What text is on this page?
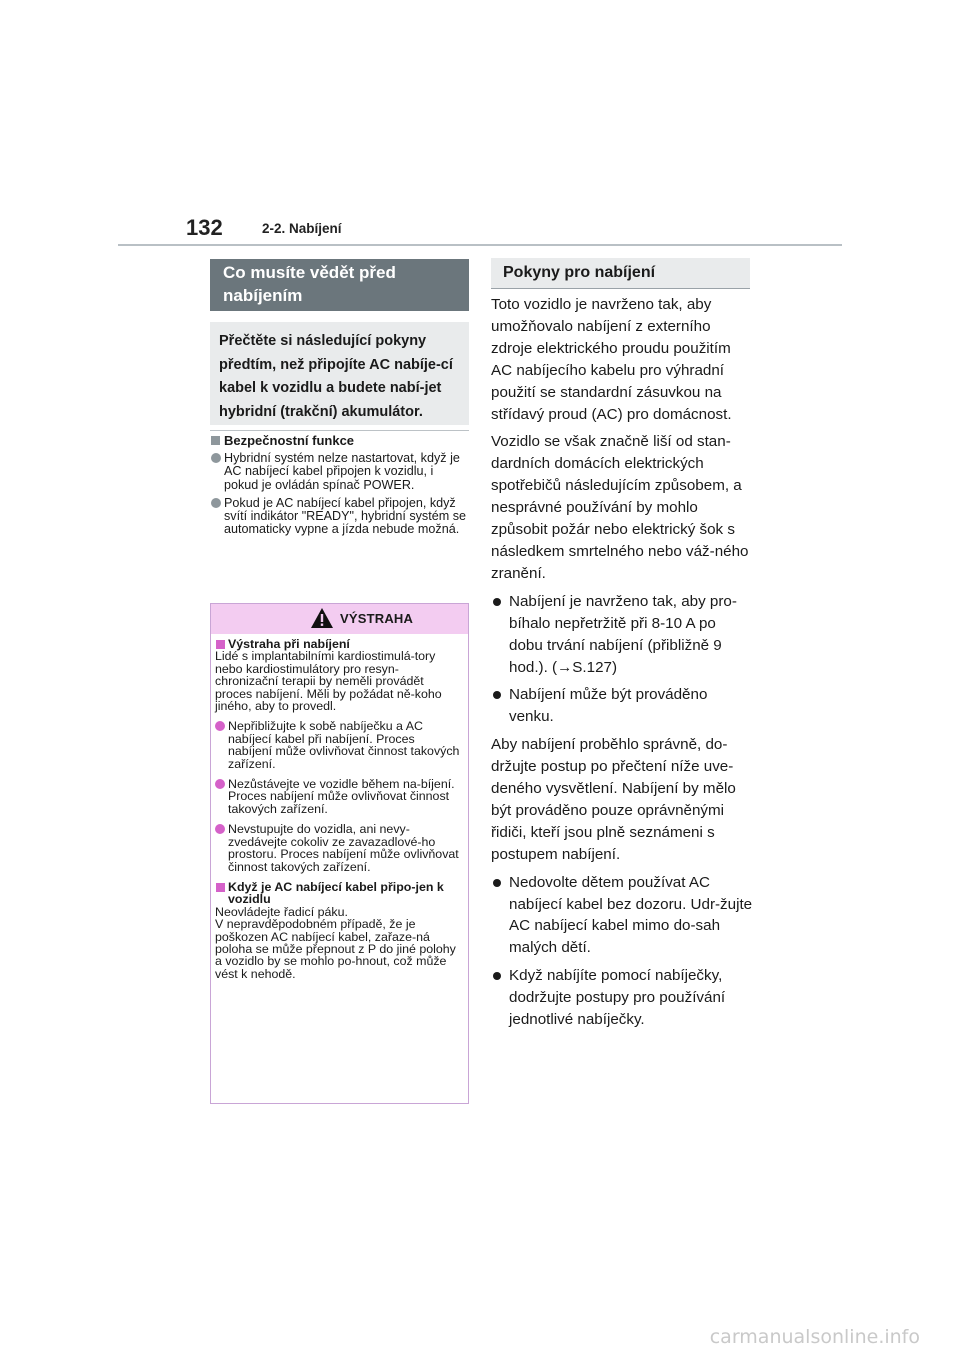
132	2-2. Nabíjení
Co musíte vědět před nabíjením
Přečtěte si následující pokyny předtím, než připojíte AC nabíje-cí kabel k vozidlu a budete nabí-jet hybridní (trakční) akumulátor.
Bezpečnostní funkce
Hybridní systém nelze nastartovat, když je AC nabíjecí kabel připojen k vozidlu, i pokud je ovládán spínač POWER.
Pokud je AC nabíjecí kabel připojen, když svítí indikátor "READY", hybridní systém se automaticky vypne a jízda nebude možná.
VÝSTRAHA
Výstraha při nabíjení
Lidé s implantabilními kardiostimulá-tory nebo kardiostimulátory pro resyn-chronizační terapii by neměli provádět proces nabíjení. Měli by požádat ně-koho jiného, aby to provedl.
Nepřibližujte k sobě nabíječku a AC nabíjecí kabel při nabíjení. Proces nabíjení může ovlivňovat činnost takových zařízení.
Nezůstávejte ve vozidle během na-bíjení. Proces nabíjení může ovlivňovat činnost takových zařízení.
Nevstupujte do vozidla, ani nevy-zvedávejte cokoliv ze zavazadlové-ho prostoru. Proces nabíjení může ovlivňovat činnost takových zařízení.
Když je AC nabíjecí kabel připo-jen k vozidlu
Neovládejte řadicí páku.
V nepravděpodobném případě, že je poškozen AC nabíjecí kabel, zařaze-ná poloha se může přepnout z P do jiné polohy a vozidlo by se mohlo po-hnout, což může vést k nehodě.
Pokyny pro nabíjení

Toto vozidlo je navrženo tak, aby umožňovalo nabíjení z externího zdroje elektrického proudu použitím AC nabíjecího kabelu pro výhradní použití se standardní zásuvkou na střídavý proud (AC) pro domácnost.

Vozidlo se však značně liší od stan-dardních domácích elektrických spotřebičů následujícím způsobem, a nesprávné používání by mohlo způsobit požár nebo elektrický šok s následkem smrtelného nebo váž-ného zranění.

Nabíjení je navrženo tak, aby pro-bíhalo nepřetržitě při 8-10 A po dobu trvání nabíjení (přibližně 9 hod.). (→S.127)
Nabíjení může být prováděno venku.

Aby nabíjení proběhlo správně, do-držujte postup po přečtení níže uve-deného vysvětlení. Nabíjení by mělo být prováděno pouze oprávněnými řidiči, kteří jsou plně seznámeni s postupem nabíjení.

Nedovolte dětem používat AC nabíjecí kabel bez dozoru. Udr-žujte AC nabíjecí kabel mimo do-sah malých dětí.
Když nabíjíte pomocí nabíječky, dodržujte postupy pro používání jednotlivé nabíječky.
carmanualsonline.info
